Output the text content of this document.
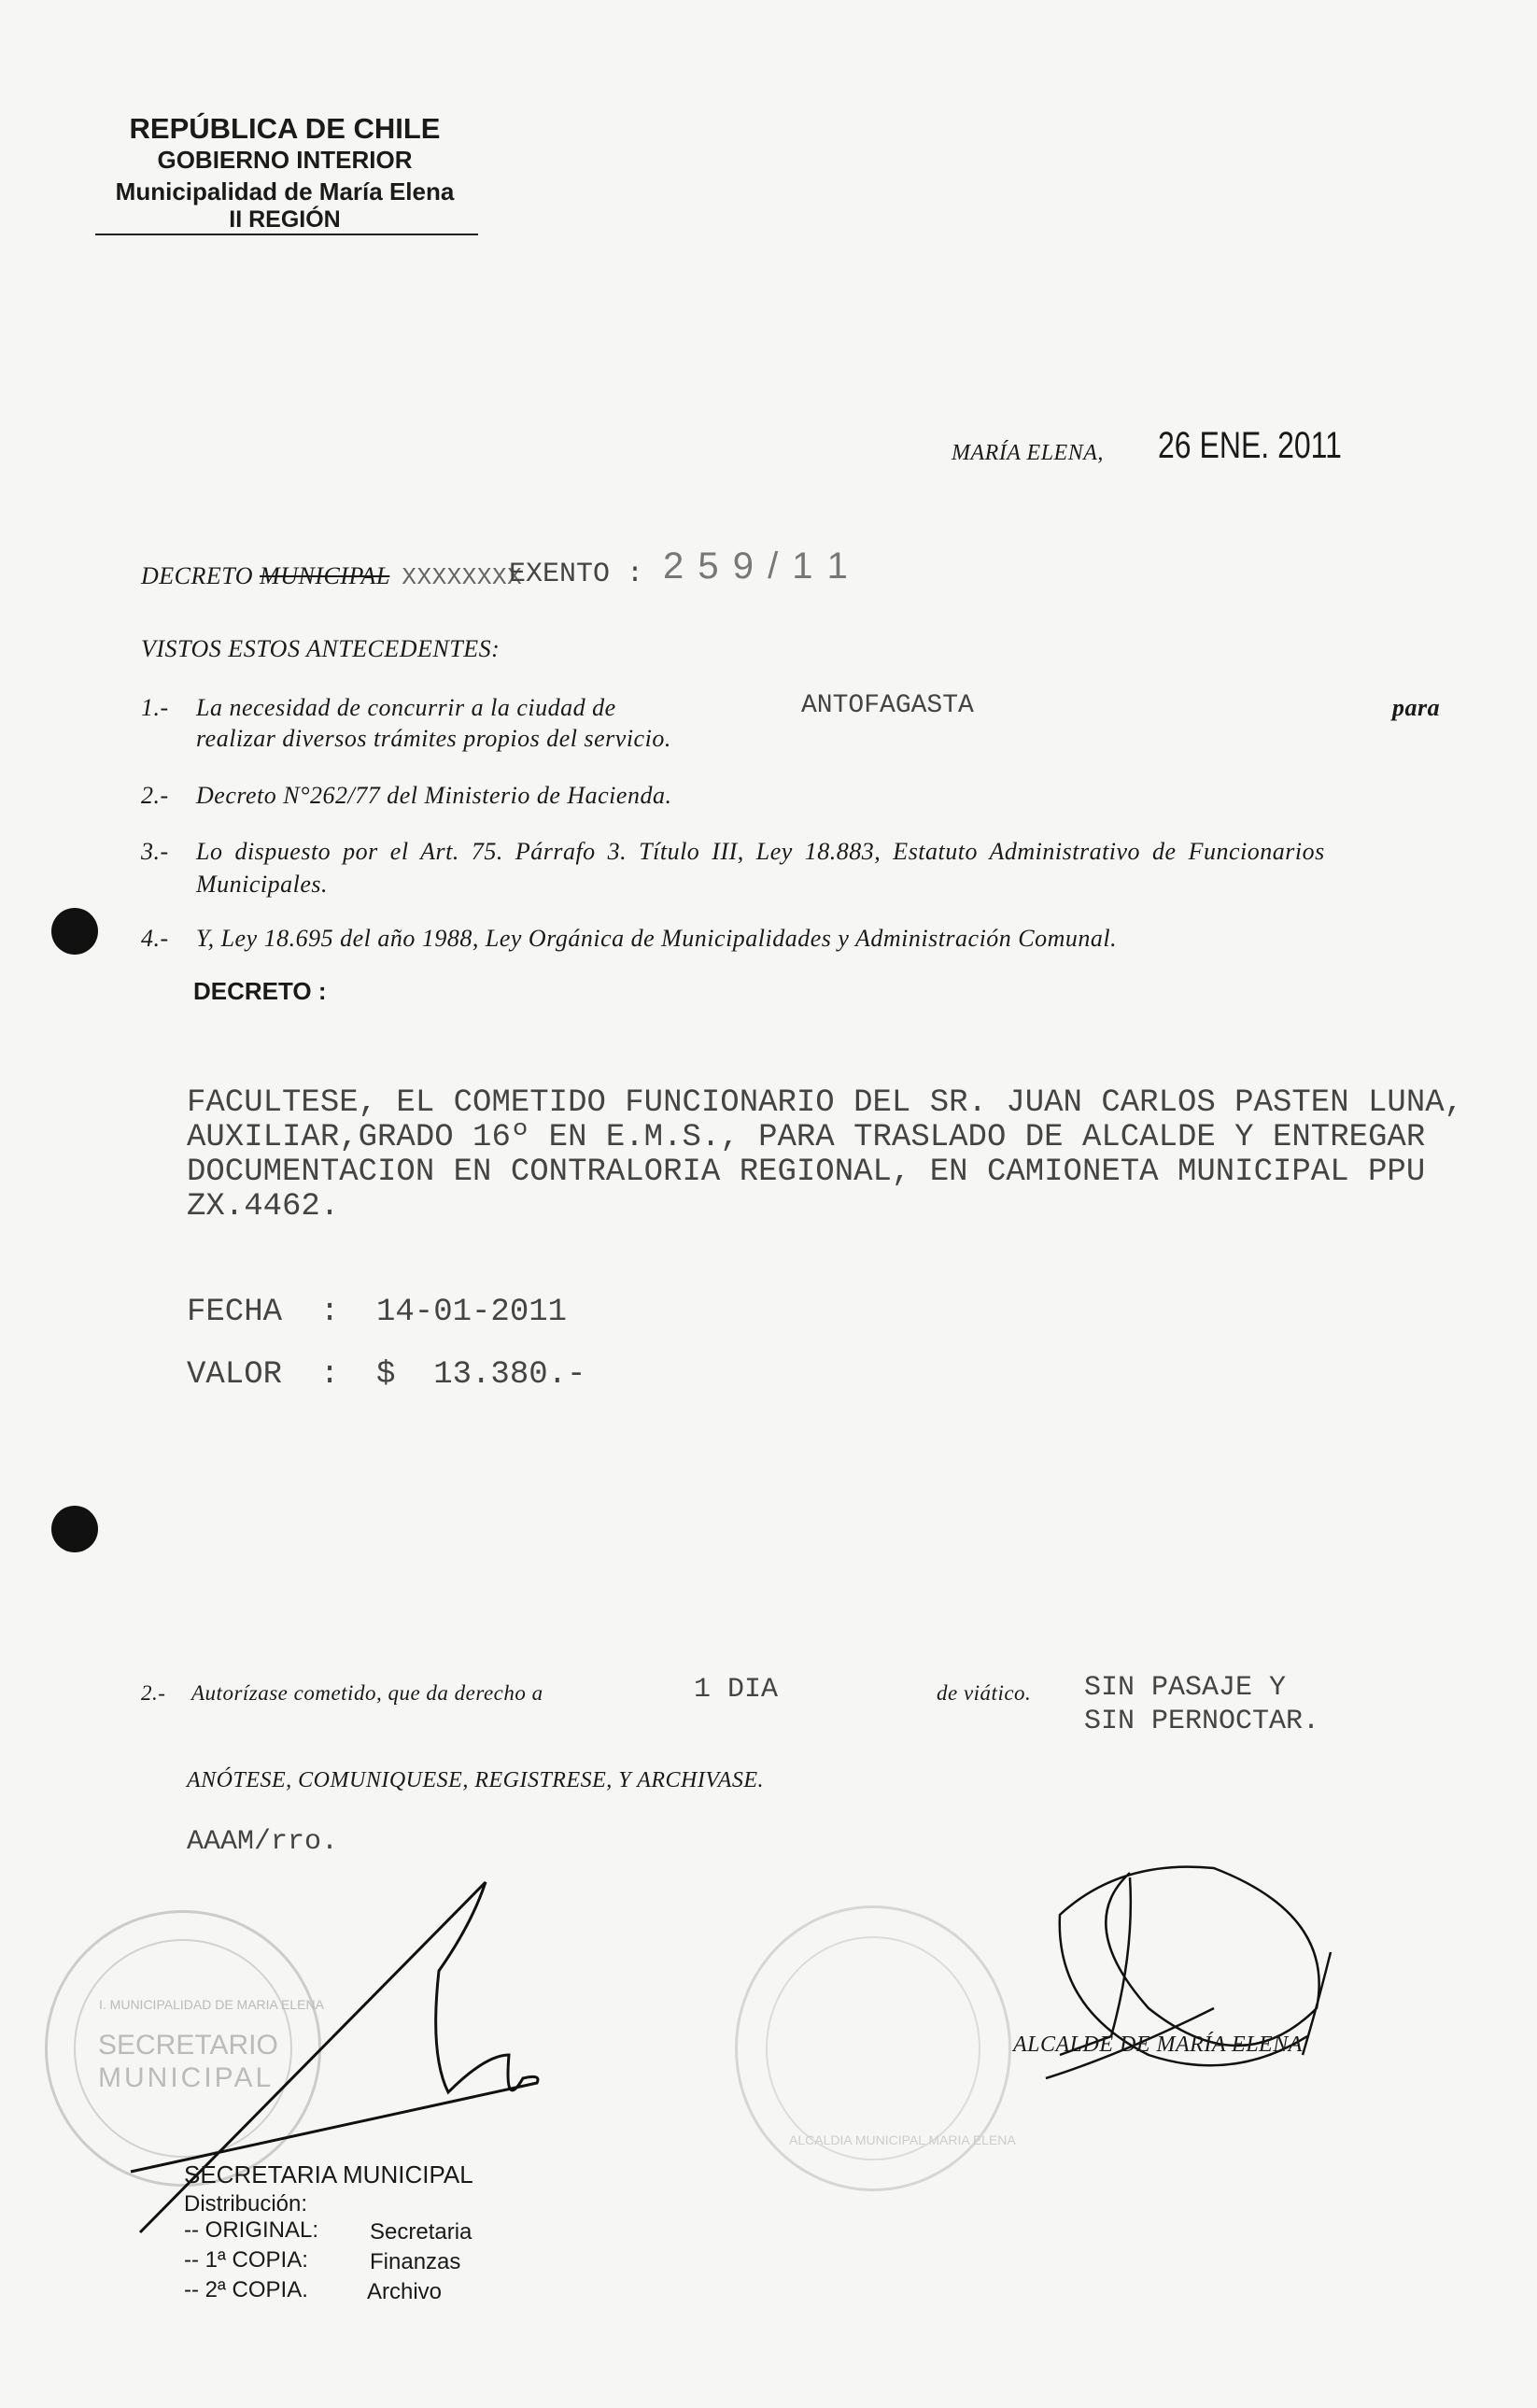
REPÚBLICA DE CHILE
GOBIERNO INTERIOR
Municipalidad de María Elena
II REGIÓN
MARÍA ELENA, 26 ENE. 2011
DECRETO MUNICIPAL XXXXXXXX
EXENTO : 2 5 9 / 1 1
VISTOS ESTOS ANTECEDENTES:
1.- La necesidad de concurrir a la ciudad de	ANTOFAGASTA	para
realizar diversos trámites propios del servicio.
2.- Decreto N°262/77 del Ministerio de Hacienda.
3.- Lo dispuesto por el Art. 75. Párrafo 3. Título III, Ley 18.883, Estatuto Administrativo de Funcionarios
Municipales.
4.- Y, Ley 18.695 del año 1988, Ley Orgánica de Municipalidades y Administración Comunal.
DECRETO :
FACULTESE, EL COMETIDO FUNCIONARIO DEL SR. JUAN CARLOS PASTEN LUNA,
AUXILIAR,GRADO 16º EN E.M.S., PARA TRASLADO DE ALCALDE Y ENTREGAR
DOCUMENTACION EN CONTRALORIA REGIONAL, EN CAMIONETA MUNICIPAL PPU
ZX.4462.
FECHA  : 14-01-2011
VALOR  : $  13.380.-
2.- Autorízase cometido, que da derecho a	1 DIA	de viático. SIN PASAJE Y
SIN PERNOCTAR.
ANÓTESE, COMUNIQUESE, REGISTRESE, Y ARCHIVASE.
AAAM/rro.
I. MUNICIPALIDAD DE MARIA ELENA
SECRETARIO
MUNICIPAL
ALCALDIA MUNICIPAL MARIA ELENA
ALCALDE DE MARÍA ELENA
SECRETARIA MUNICIPAL
Distribución:
-- ORIGINAL: Secretaria
-- 1ª COPIA:	Finanzas
-- 2ª COPIA.	Archivo
